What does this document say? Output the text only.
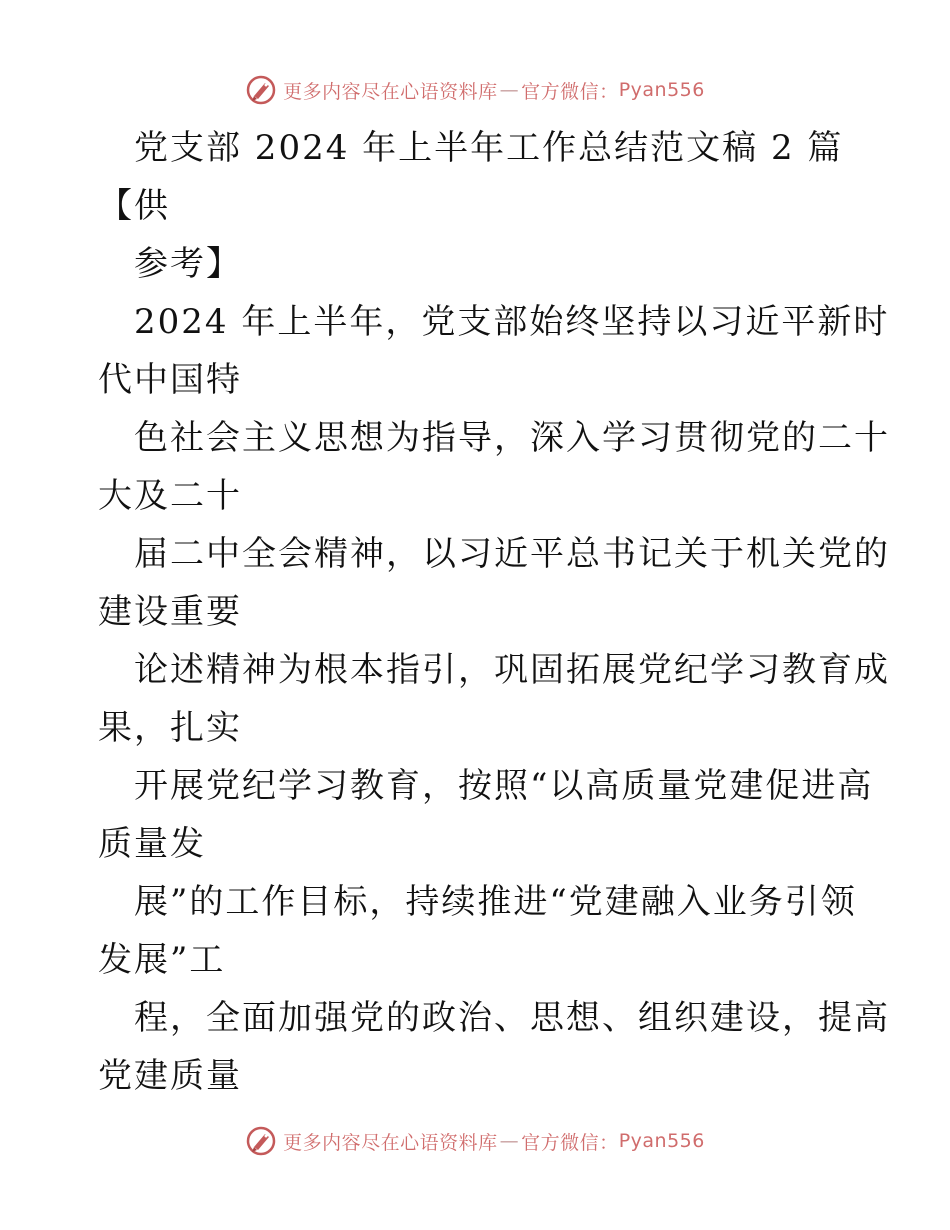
更多内容尽在心语资料库 — 官方微信： Pyan556
党支部 2024 年上半年工作总结范文稿 2 篇
【供
参考】
2024 年上半年，党支部始终坚持以习近平新时
代中国特
色社会主义思想为指导，深入学习贯彻党的二十
大及二十
届二中全会精神，以习近平总书记关于机关党的
建设重要
论述精神为根本指引，巩固拓展党纪学习教育成
果，扎实
开展党纪学习教育，按照“以高质量党建促进高
质量发
展”的工作目标，持续推进“党建融入业务引领
发展”工
程，全面加强党的政治、思想、组织建设，提高
党建质量
更多内容尽在心语资料库 — 官方微信： Pyan556
